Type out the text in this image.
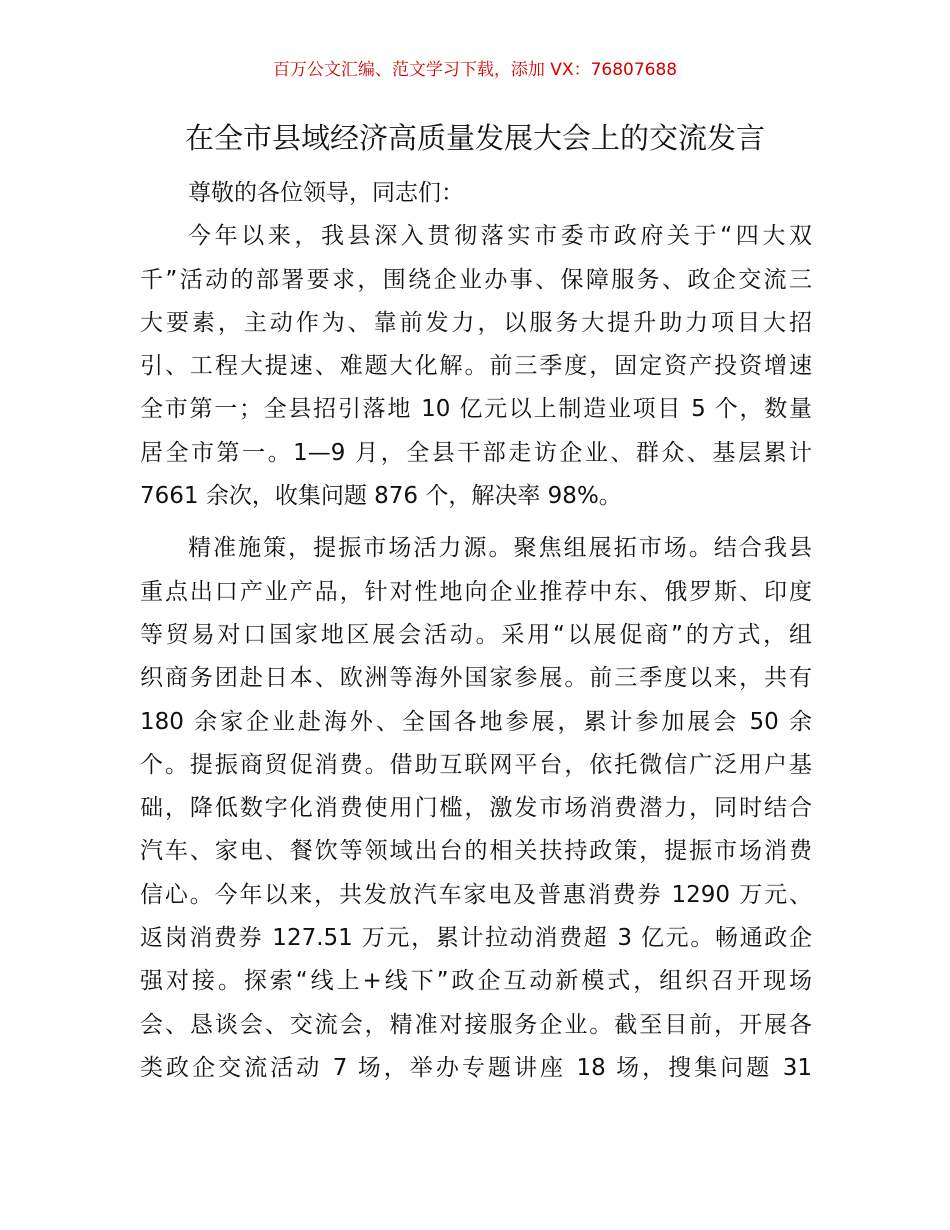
百万公文汇编、范文学习下载，添加 VX：76807688
在全市县域经济高质量发展大会上的交流发言
尊敬的各位领导，同志们：
今年以来，我县深入贯彻落实市委市政府关于“四大双
千”活动的部署要求，围绕企业办事、保障服务、政企交流三
大要素，主动作为、靠前发力，以服务大提升助力项目大招
引、工程大提速、难题大化解。前三季度，固定资产投资增速
全市第一；全县招引落地 10 亿元以上制造业项目 5 个，数量
居全市第一。1—9 月，全县干部走访企业、群众、基层累计
7661 余次，收集问题 876 个，解决率 98%。
精准施策，提振市场活力源。聚焦组展拓市场。结合我县
重点出口产业产品，针对性地向企业推荐中东、俄罗斯、印度
等贸易对口国家地区展会活动。采用“以展促商”的方式，组
织商务团赴日本、欧洲等海外国家参展。前三季度以来，共有
180 余家企业赴海外、全国各地参展，累计参加展会 50 余
个。提振商贸促消费。借助互联网平台，依托微信广泛用户基
础，降低数字化消费使用门槛，激发市场消费潜力，同时结合
汽车、家电、餐饮等领域出台的相关扶持政策，提振市场消费
信心。今年以来，共发放汽车家电及普惠消费券 1290 万元、
返岗消费券 127.51 万元，累计拉动消费超 3 亿元。畅通政企
强对接。探索“线上+线下”政企互动新模式，组织召开现场
会、恳谈会、交流会，精准对接服务企业。截至目前，开展各
类政企交流活动 7 场，举办专题讲座 18 场，搜集问题 31
